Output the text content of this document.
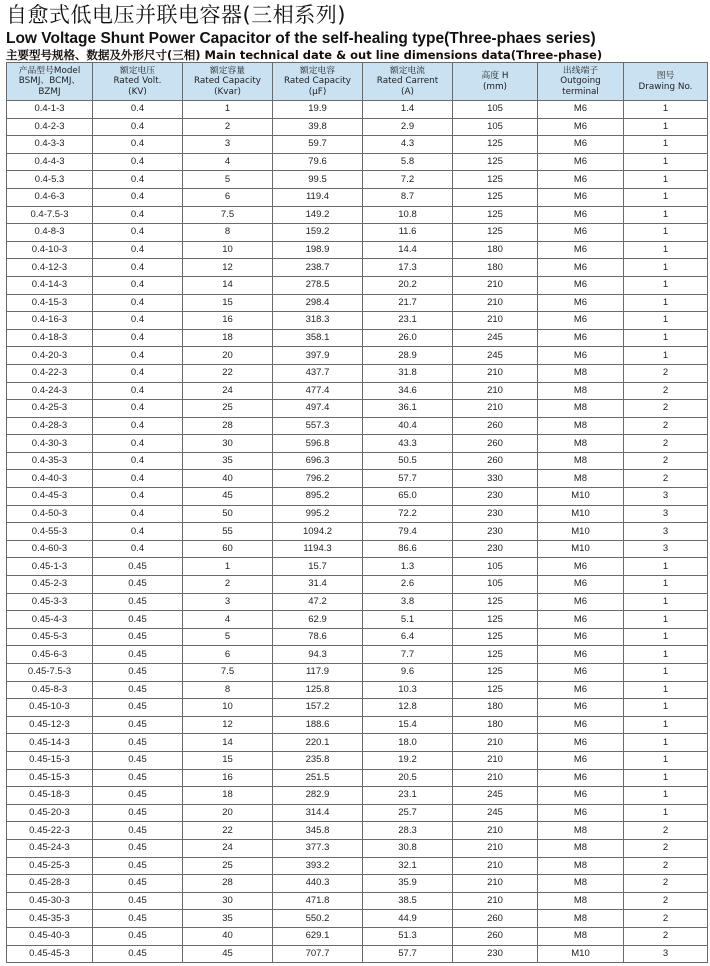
自愈式低电压并联电容器(三相系列)
Low Voltage Shunt Power Capacitor of the self-healing type(Three-phaes series)
主要型号规格、数据及外形尺寸(三相) Main technical date & out line dimensions data(Three-phase)
产品型号Model
BSMJ、BCMJ、
BZMJ	额定电压
Rated Volt.
(KV)	额定容量
Rated Capacity
(Kvar)	额定电容
Rated Capacity
(μF)	额定电流
Rated Carrent
(A)	高度 H
(mm)	出线端子
Outgoing
terminal	图号
Drawing No.
0.4-1-3	0.4	1	19.9	1.4	105	M6	1
0.4-2-3	0.4	2	39.8	2.9	105	M6	1
0.4-3-3	0.4	3	59.7	4.3	125	M6	1
0.4-4-3	0.4	4	79.6	5.8	125	M6	1
0.4-5.3	0.4	5	99.5	7.2	125	M6	1
0.4-6-3	0.4	6	119.4	8.7	125	M6	1
0.4-7.5-3	0.4	7.5	149.2	10.8	125	M6	1
0.4-8-3	0.4	8	159.2	11.6	125	M6	1
0.4-10-3	0.4	10	198.9	14.4	180	M6	1
0.4-12-3	0.4	12	238.7	17.3	180	M6	1
0.4-14-3	0.4	14	278.5	20.2	210	M6	1
0.4-15-3	0.4	15	298.4	21.7	210	M6	1
0.4-16-3	0.4	16	318.3	23.1	210	M6	1
0.4-18-3	0.4	18	358.1	26.0	245	M6	1
0.4-20-3	0.4	20	397.9	28.9	245	M6	1
0.4-22-3	0.4	22	437.7	31.8	210	M8	2
0.4-24-3	0.4	24	477.4	34.6	210	M8	2
0.4-25-3	0.4	25	497.4	36.1	210	M8	2
0.4-28-3	0.4	28	557.3	40.4	260	M8	2
0.4-30-3	0.4	30	596.8	43.3	260	M8	2
0.4-35-3	0.4	35	696.3	50.5	260	M8	2
0.4-40-3	0.4	40	796.2	57.7	330	M8	2
0.4-45-3	0.4	45	895.2	65.0	230	M10	3
0.4-50-3	0.4	50	995.2	72.2	230	M10	3
0.4-55-3	0.4	55	1094.2	79.4	230	M10	3
0.4-60-3	0.4	60	1194.3	86.6	230	M10	3
0.45-1-3	0.45	1	15.7	1.3	105	M6	1
0.45-2-3	0.45	2	31.4	2.6	105	M6	1
0.45-3-3	0.45	3	47.2	3.8	125	M6	1
0.45-4-3	0.45	4	62.9	5.1	125	M6	1
0.45-5-3	0.45	5	78.6	6.4	125	M6	1
0.45-6-3	0.45	6	94.3	7.7	125	M6	1
0.45-7.5-3	0.45	7.5	117.9	9.6	125	M6	1
0.45-8-3	0.45	8	125.8	10.3	125	M6	1
0.45-10-3	0.45	10	157.2	12.8	180	M6	1
0.45-12-3	0.45	12	188.6	15.4	180	M6	1
0.45-14-3	0.45	14	220.1	18.0	210	M6	1
0.45-15-3	0.45	15	235.8	19.2	210	M6	1
0.45-15-3	0.45	16	251.5	20.5	210	M6	1
0.45-18-3	0.45	18	282.9	23.1	245	M6	1
0.45-20-3	0.45	20	314.4	25.7	245	M6	1
0.45-22-3	0.45	22	345.8	28.3	210	M8	2
0.45-24-3	0.45	24	377.3	30.8	210	M8	2
0.45-25-3	0.45	25	393.2	32.1	210	M8	2
0.45-28-3	0.45	28	440.3	35.9	210	M8	2
0.45-30-3	0.45	30	471.8	38.5	210	M8	2
0.45-35-3	0.45	35	550.2	44.9	260	M8	2
0.45-40-3	0.45	40	629.1	51.3	260	M8	2
0.45-45-3	0.45	45	707.7	57.7	230	M10	3
